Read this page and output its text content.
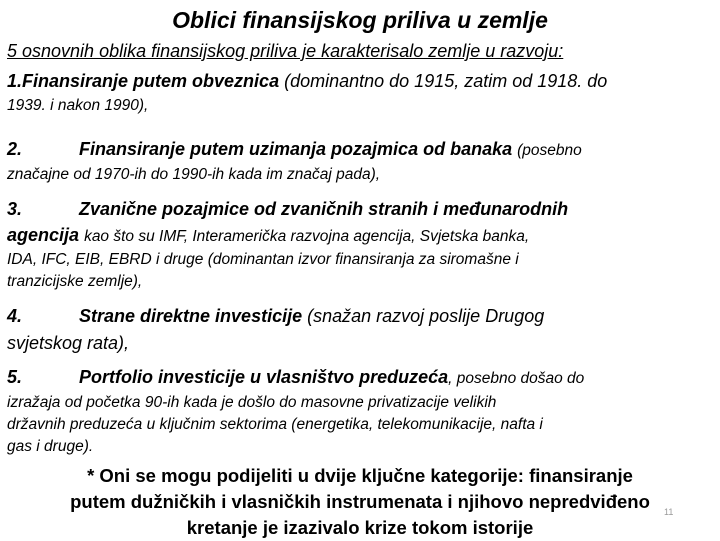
Oblici finansijskog priliva u zemlje
5 osnovnih oblika finansijskog priliva je karakterisalo zemlje u razvoju:
1.Finansiranje putem obveznica (dominantno do 1915, zatim od 1918. do
1939. i nakon 1990),
2.	Finansiranje putem uzimanja pozajmica od banaka (posebno
značajne od 1970-ih do 1990-ih kada im značaj pada),
3.	Zvanične pozajmice od zvaničnih stranih i međunarodnih
agencija kao što su IMF, Interamerička razvojna agencija, Svjetska banka,
IDA, IFC, EIB, EBRD i druge (dominantan izvor finansiranja za siromašne i
tranzicijske zemlje),
4.	Strane direktne investicije (snažan razvoj poslije Drugog
svjetskog rata),
5.	Portfolio investicije u vlasništvo preduzeća, posebno došao do
izražaja od početka 90-ih kada je došlo do masovne privatizacije velikih
državnih preduzeća u ključnim sektorima (energetika, telekomunikacije, nafta i
gas i druge).
* Oni se mogu podijeliti u dvije ključne kategorije: finansiranje
putem dužničkih i vlasničkih instrumenata i njihovo nepredviđeno
kretanje je izazivalo krize tokom istorije
11
